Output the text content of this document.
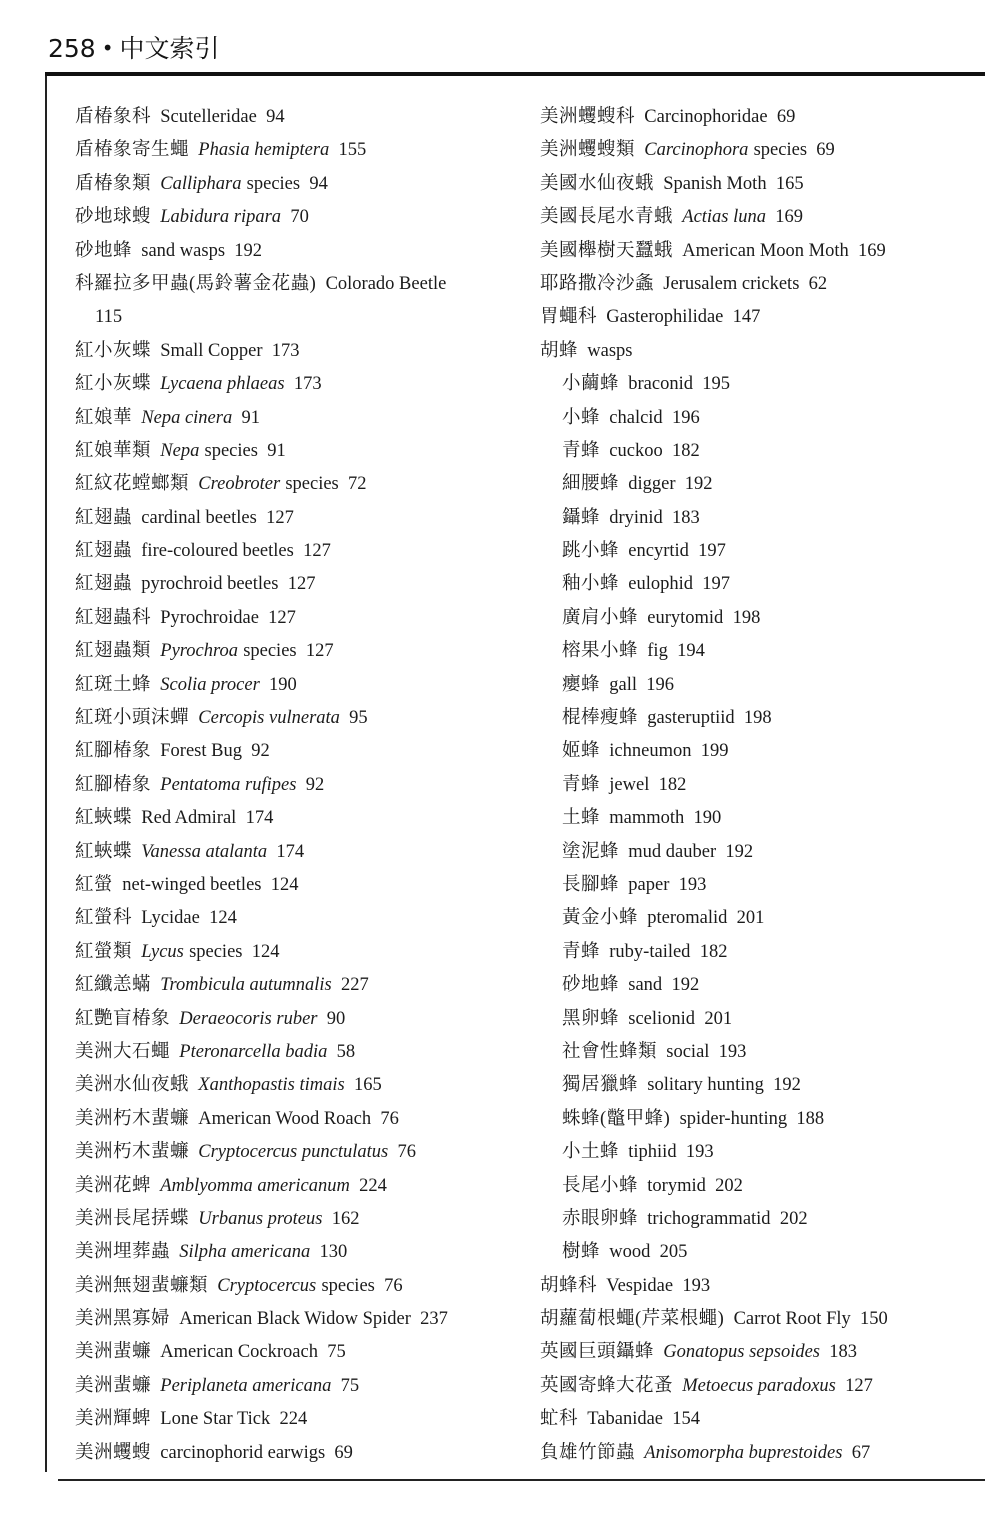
258 • 中文索引
盾椿象科 Scutelleridae 94
盾椿象寄生蠅 Phasia hemiptera 155
盾椿象類 Calliphara species 94
砂地球螋 Labidura ripara 70
砂地蜂 sand wasps 192
科羅拉多甲蟲(馬鈴薯金花蟲) Colorado Beetle
115
紅小灰蝶 Small Copper 173
紅小灰蝶 Lycaena phlaeas 173
紅娘華 Nepa cinera 91
紅娘華類 Nepa species 91
紅紋花螳螂類 Creobroter species 72
紅翅蟲 cardinal beetles 127
紅翅蟲 fire-coloured beetles 127
紅翅蟲 pyrochroid beetles 127
紅翅蟲科 Pyrochroidae 127
紅翅蟲類 Pyrochroa species 127
紅斑土蜂 Scolia procer 190
紅斑小頭沫蟬 Cercopis vulnerata 95
紅腳椿象 Forest Bug 92
紅腳椿象 Pentatoma rufipes 92
紅蛺蝶 Red Admiral 174
紅蛺蝶 Vanessa atalanta 174
紅螢 net-winged beetles 124
紅螢科 Lycidae 124
紅螢類 Lycus species 124
紅纖恙蟎 Trombicula autumnalis 227
紅艷盲椿象 Deraeocoris ruber 90
美洲大石蠅 Pteronarcella badia 58
美洲水仙夜蛾 Xanthopastis timais 165
美洲朽木蜚蠊 American Wood Roach 76
美洲朽木蜚蠊 Cryptocercus punctulatus 76
美洲花蜱 Amblyomma americanum 224
美洲長尾挵蝶 Urbanus proteus 162
美洲埋葬蟲 Silpha americana 130
美洲無翅蜚蠊類 Cryptocercus species 76
美洲黑寡婦 American Black Widow Spider 237
美洲蜚蠊 American Cockroach 75
美洲蜚蠊 Periplaneta americana 75
美洲輝蜱 Lone Star Tick 224
美洲蠼螋 carcinophorid earwigs 69
美洲蠼螋科 Carcinophoridae 69
美洲蠼螋類 Carcinophora species 69
美國水仙夜蛾 Spanish Moth 165
美國長尾水青蛾 Actias luna 169
美國櫸樹天蠶蛾 American Moon Moth 169
耶路撒冷沙螽 Jerusalem crickets 62
胃蠅科 Gasterophilidae 147
胡蜂 wasps
小繭蜂 braconid 195
小蜂 chalcid 196
青蜂 cuckoo 182
細腰蜂 digger 192
鑷蜂 dryinid 183
跳小蜂 encyrtid 197
釉小蜂 eulophid 197
廣肩小蜂 eurytomid 198
榕果小蜂 fig 194
癭蜂 gall 196
棍棒瘦蜂 gasteruptiid 198
姬蜂 ichneumon 199
青蜂 jewel 182
土蜂 mammoth 190
塗泥蜂 mud dauber 192
長腳蜂 paper 193
黃金小蜂 pteromalid 201
青蜂 ruby-tailed 182
砂地蜂 sand 192
黑卵蜂 scelionid 201
社會性蜂類 social 193
獨居獵蜂 solitary hunting 192
蛛蜂(鼈甲蜂) spider-hunting 188
小土蜂 tiphiid 193
長尾小蜂 torymid 202
赤眼卵蜂 trichogrammatid 202
樹蜂 wood 205
胡蜂科 Vespidae 193
胡蘿蔔根蠅(芹菜根蠅) Carrot Root Fly 150
英國巨頭鑷蜂 Gonatopus sepsoides 183
英國寄蜂大花蚤 Metoecus paradoxus 127
虻科 Tabanidae 154
負雄竹節蟲 Anisomorpha buprestoides 67
